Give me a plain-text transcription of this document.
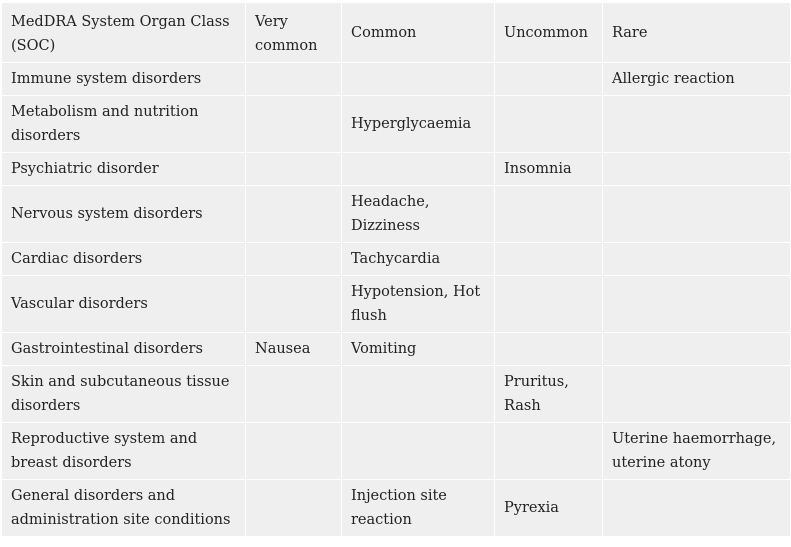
MedDRA System Organ Class (SOC)	Very common	Common	Uncommon	Rare
Immune system disorders				Allergic reaction
Metabolism and nutrition disorders		Hyperglycaemia		
Psychiatric disorder			Insomnia	
Nervous system disorders		Headache, Dizziness		
Cardiac disorders		Tachycardia		
Vascular disorders		Hypotension, Hot flush		
Gastrointestinal disorders	Nausea	Vomiting		
Skin and subcutaneous tissue disorders			Pruritus, Rash	
Reproductive system and breast disorders				Uterine haemorrhage, uterine atony
General disorders and administration site conditions		Injection site reaction	Pyrexia	
